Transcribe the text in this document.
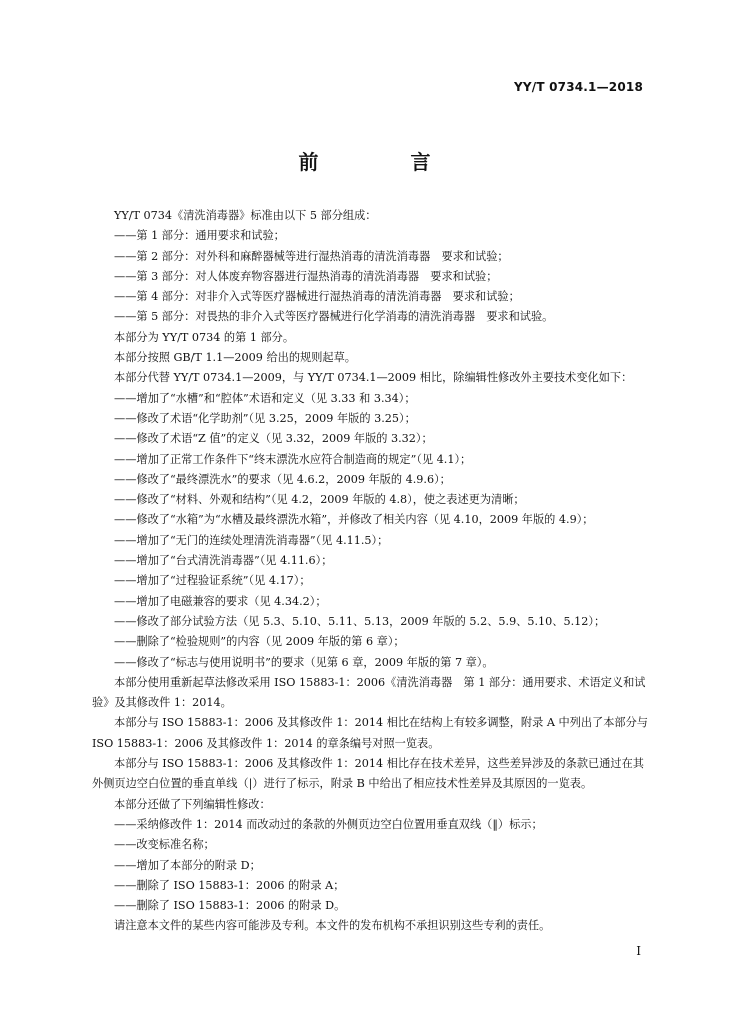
YY/T 0734.1—2018
前　言

YY/T 0734《清洗消毒器》标准由以下 5 部分组成：

——第 1 部分：通用要求和试验；

——第 2 部分：对外科和麻醉器械等进行湿热消毒的清洗消毒器　要求和试验；

——第 3 部分：对人体废弃物容器进行湿热消毒的清洗消毒器　要求和试验；

——第 4 部分：对非介入式等医疗器械进行湿热消毒的清洗消毒器　要求和试验；

——第 5 部分：对畏热的非介入式等医疗器械进行化学消毒的清洗消毒器　要求和试验。

本部分为 YY/T 0734 的第 1 部分。

本部分按照 GB/T 1.1—2009 给出的规则起草。

本部分代替 YY/T 0734.1—2009，与 YY/T 0734.1—2009 相比，除编辑性修改外主要技术变化如下：

——增加了“水槽”和“腔体”术语和定义（见 3.33 和 3.34）；

——修改了术语“化学助剂”（见 3.25，2009 年版的 3.25）；

——修改了术语“Z 值”的定义（见 3.32，2009 年版的 3.32）；

——增加了正常工作条件下“终末漂洗水应符合制造商的规定”（见 4.1）；

——修改了“最终漂洗水”的要求（见 4.6.2，2009 年版的 4.9.6）；

——修改了“材料、外观和结构”（见 4.2，2009 年版的 4.8），使之表述更为清晰；

——修改了“水箱”为“水槽及最终漂洗水箱”，并修改了相关内容（见 4.10，2009 年版的 4.9）；

——增加了“无门的连续处理清洗消毒器”（见 4.11.5）；

——增加了“台式清洗消毒器”（见 4.11.6）；

——增加了“过程验证系统”（见 4.17）；

——增加了电磁兼容的要求（见 4.34.2）；

——修改了部分试验方法（见 5.3、5.10、5.11、5.13，2009 年版的 5.2、5.9、5.10、5.12）；

——删除了“检验规则”的内容（见 2009 年版的第 6 章）；

——修改了“标志与使用说明书”的要求（见第 6 章，2009 年版的第 7 章）。

本部分使用重新起草法修改采用 ISO 15883-1：2006《清洗消毒器　第 1 部分：通用要求、术语定义和试验》及其修改件 1：2014。

本部分与 ISO 15883-1：2006 及其修改件 1：2014 相比在结构上有较多调整，附录 A 中列出了本部分与 ISO 15883-1：2006 及其修改件 1：2014 的章条编号对照一览表。

本部分与 ISO 15883-1：2006 及其修改件 1：2014 相比存在技术差异，这些差异涉及的条款已通过在其外侧页边空白位置的垂直单线（|）进行了标示，附录 B 中给出了相应技术性差异及其原因的一览表。

本部分还做了下列编辑性修改：

——采纳修改件 1：2014 而改动过的条款的外侧页边空白位置用垂直双线（‖）标示；

——改变标准名称；

——增加了本部分的附录 D；

——删除了 ISO 15883-1：2006 的附录 A；

——删除了 ISO 15883-1：2006 的附录 D。

请注意本文件的某些内容可能涉及专利。本文件的发布机构不承担识别这些专利的责任。

I
